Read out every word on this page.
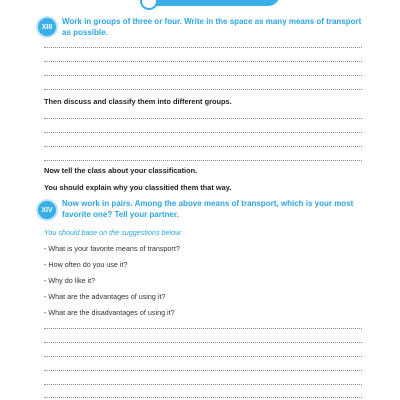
XIII
Work in groups of three or four. Write in the space as many means of transport as possible.
Then discuss and classify them into different groups.
Now tell the class about your classification.
You should explain why you classitied them that way.
XIV
Now work in pairs. Among the above means of transport, which is your most favorite one? Tell your partner.
You should base on the suggestions below:
- What is your favorite means of transport?
- How often do you use it?
- Why do like it?
- What are the advantages of using it?
- What are the disadvantages of using it?
